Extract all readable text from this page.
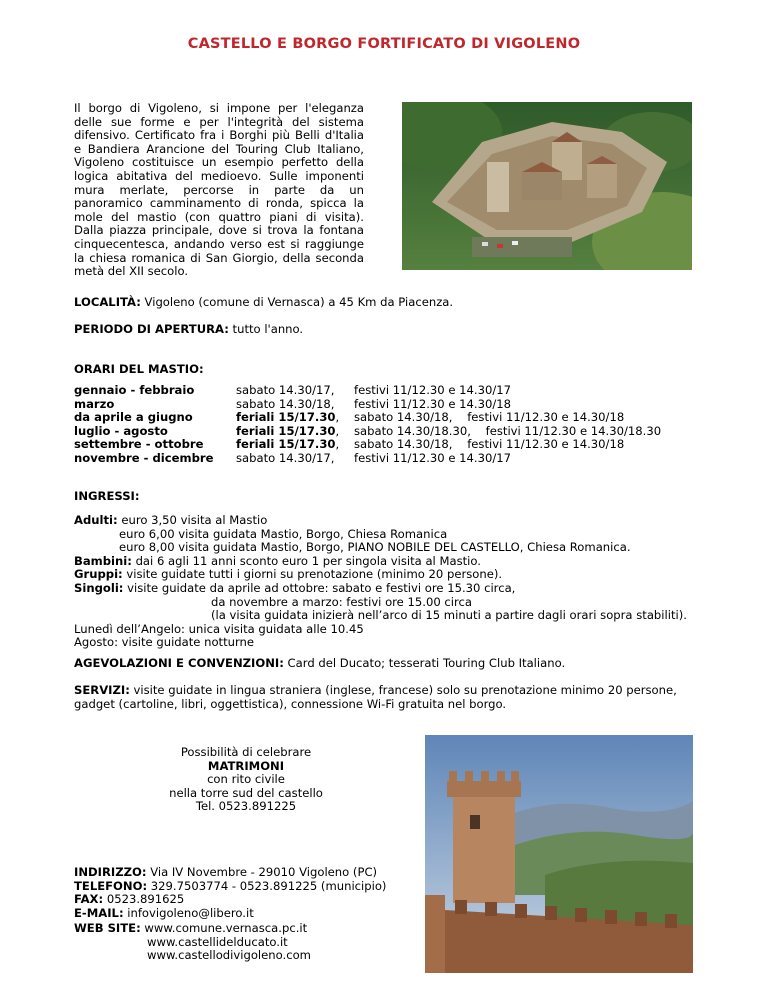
CASTELLO E BORGO FORTIFICATO DI VIGOLENO
Il borgo di Vigoleno, si impone per l'eleganza
delle sue forme e per l'integrità del sistema
difensivo. Certificato fra i Borghi più Belli d'Italia
e Bandiera Arancione del Touring Club Italiano,
Vigoleno costituisce un esempio perfetto della
logica abitativa del medioevo. Sulle imponenti
mura merlate, percorse in parte da un
panoramico camminamento di ronda, spicca la
mole del mastio (con quattro piani di visita).
Dalla piazza principale, dove si trova la fontana
cinquecentesca, andando verso est si raggiunge
la chiesa romanica di San Giorgio, della seconda
metà del XII secolo.
LOCALITÀ: Vigoleno (comune di Vernasca) a 45 Km da Piacenza.
PERIODO DI APERTURA: tutto l'anno.
ORARI DEL MASTIO:
gennaio - febbraio
marzo
da aprile a giugno
luglio - agosto
settembre - ottobre
novembre - dicembre
sabato 14.30/17,
sabato 14.30/18,
feriali 15/17.30,
feriali 15/17.30,
feriali 15/17.30,
sabato 14.30/17,
festivi 11/12.30 e 14.30/17
festivi 11/12.30 e 14.30/18
sabato 14.30/18,    festivi 11/12.30 e 14.30/18
sabato 14.30/18.30,    festivi 11/12.30 e 14.30/18.30
sabato 14.30/18,    festivi 11/12.30 e 14.30/18
festivi 11/12.30 e 14.30/17
INGRESSI:
Adulti: euro 3,50 visita al Mastio
euro 6,00 visita guidata Mastio, Borgo, Chiesa Romanica
euro 8,00 visita guidata Mastio, Borgo, PIANO NOBILE DEL CASTELLO, Chiesa Romanica.
Bambini: dai 6 agli 11 anni sconto euro 1 per singola visita al Mastio.
Gruppi: visite guidate tutti i giorni su prenotazione (minimo 20 persone).
Singoli: visite guidate da aprile ad ottobre: sabato e festivi ore 15.30 circa,
da novembre a marzo: festivi ore 15.00 circa
(la visita guidata inizierà nell’arco di 15 minuti a partire dagli orari sopra stabiliti).
Lunedì dell’Angelo: unica visita guidata alle 10.45
Agosto: visite guidate notturne
AGEVOLAZIONI E CONVENZIONI: Card del Ducato; tesserati Touring Club Italiano.
SERVIZI: visite guidate in lingua straniera (inglese, francese) solo su prenotazione minimo 20 persone,
gadget (cartoline, libri, oggettistica), connessione Wi-Fi gratuita nel borgo.
Possibilità di celebrare
MATRIMONI
con rito civile
nella torre sud del castello
Tel. 0523.891225
INDIRIZZO: Via IV Novembre - 29010 Vigoleno (PC)
TELEFONO: 329.7503774 - 0523.891225 (municipio)
FAX: 0523.891625
E-MAIL: infovigoleno@libero.it
WEB SITE: www.comune.vernasca.pc.it
www.castellidelducato.it
www.castellodivigoleno.com
